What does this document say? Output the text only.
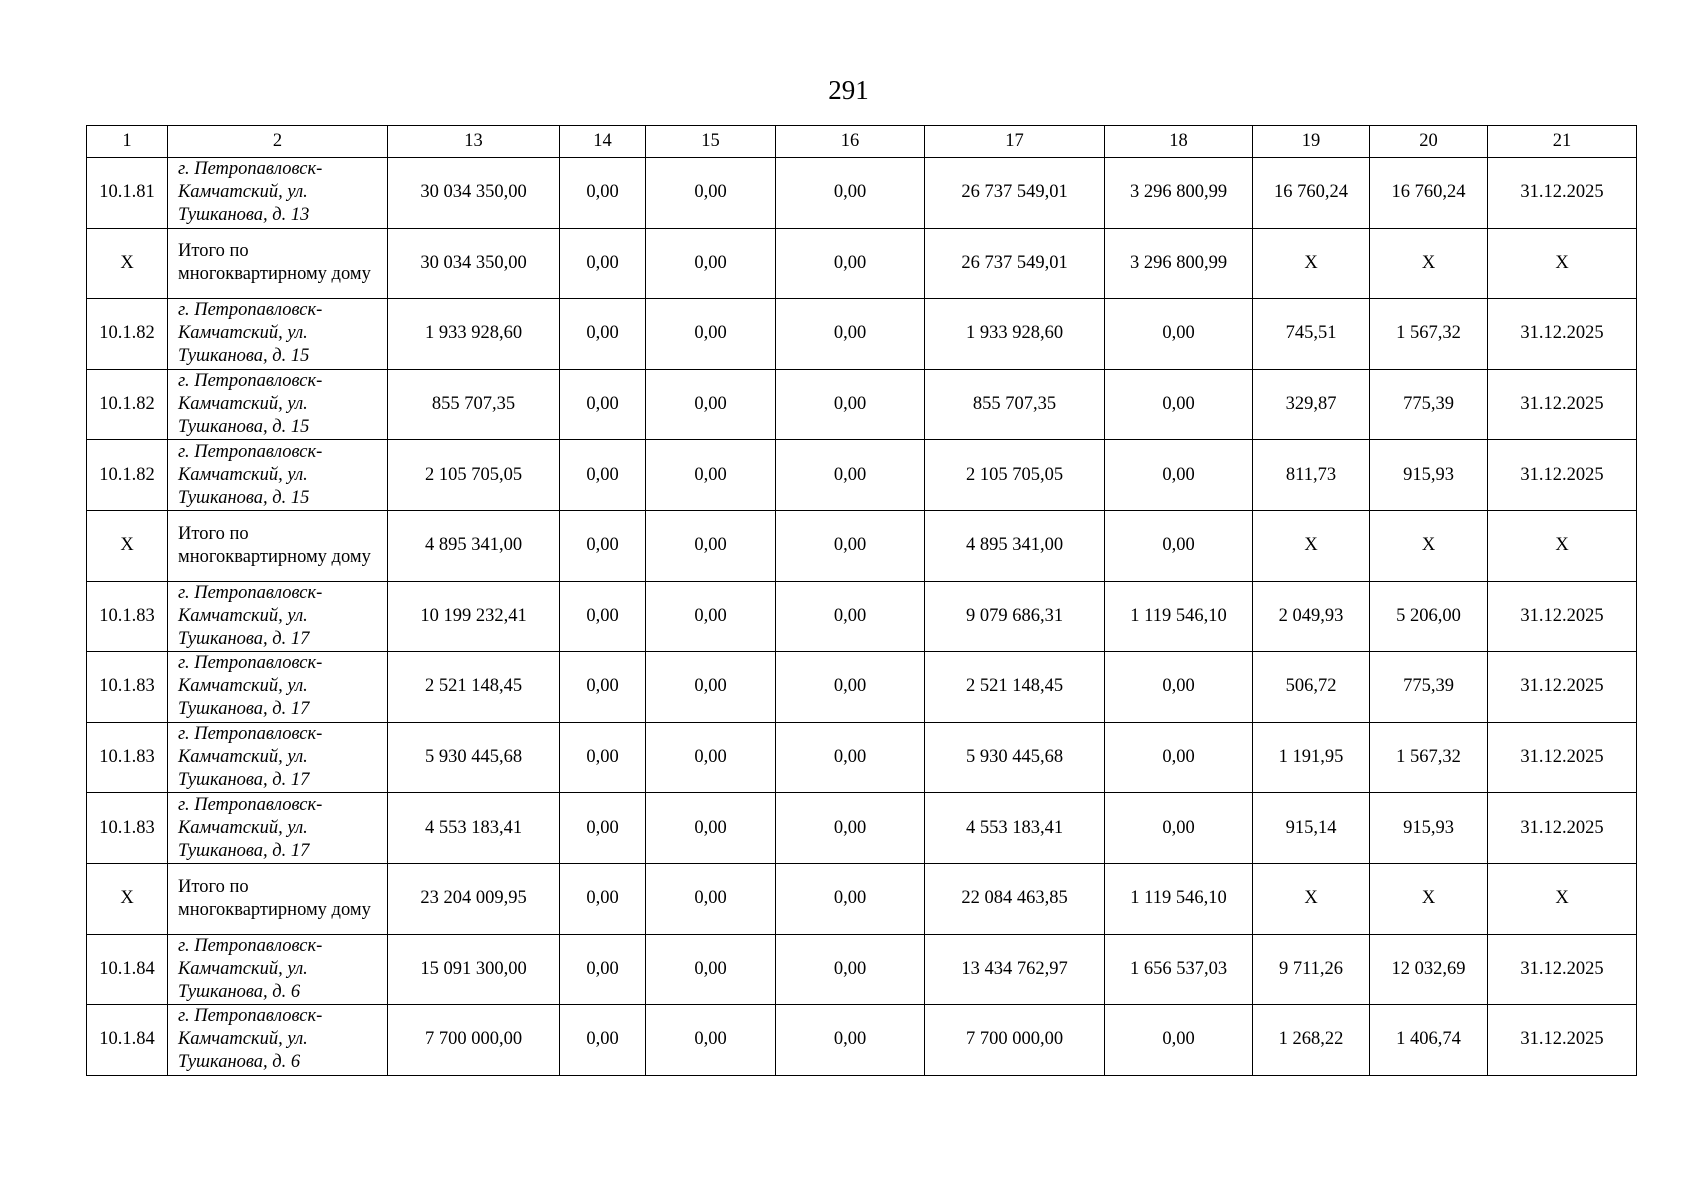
291
1	2	13	14	15	16	17	18	19	20	21
10.1.81	г. Петропавловск-Камчатский, ул. Тушканова, д. 13	30 034 350,00	0,00	0,00	0,00	26 737 549,01	3 296 800,99	16 760,24	16 760,24	31.12.2025
X	Итого по многоквартирному дому	30 034 350,00	0,00	0,00	0,00	26 737 549,01	3 296 800,99	X	X	X
10.1.82	г. Петропавловск-Камчатский, ул. Тушканова, д. 15	1 933 928,60	0,00	0,00	0,00	1 933 928,60	0,00	745,51	1 567,32	31.12.2025
10.1.82	г. Петропавловск-Камчатский, ул. Тушканова, д. 15	855 707,35	0,00	0,00	0,00	855 707,35	0,00	329,87	775,39	31.12.2025
10.1.82	г. Петропавловск-Камчатский, ул. Тушканова, д. 15	2 105 705,05	0,00	0,00	0,00	2 105 705,05	0,00	811,73	915,93	31.12.2025
X	Итого по многоквартирному дому	4 895 341,00	0,00	0,00	0,00	4 895 341,00	0,00	X	X	X
10.1.83	г. Петропавловск-Камчатский, ул. Тушканова, д. 17	10 199 232,41	0,00	0,00	0,00	9 079 686,31	1 119 546,10	2 049,93	5 206,00	31.12.2025
10.1.83	г. Петропавловск-Камчатский, ул. Тушканова, д. 17	2 521 148,45	0,00	0,00	0,00	2 521 148,45	0,00	506,72	775,39	31.12.2025
10.1.83	г. Петропавловск-Камчатский, ул. Тушканова, д. 17	5 930 445,68	0,00	0,00	0,00	5 930 445,68	0,00	1 191,95	1 567,32	31.12.2025
10.1.83	г. Петропавловск-Камчатский, ул. Тушканова, д. 17	4 553 183,41	0,00	0,00	0,00	4 553 183,41	0,00	915,14	915,93	31.12.2025
X	Итого по многоквартирному дому	23 204 009,95	0,00	0,00	0,00	22 084 463,85	1 119 546,10	X	X	X
10.1.84	г. Петропавловск-Камчатский, ул. Тушканова, д. 6	15 091 300,00	0,00	0,00	0,00	13 434 762,97	1 656 537,03	9 711,26	12 032,69	31.12.2025
10.1.84	г. Петропавловск-Камчатский, ул. Тушканова, д. 6	7 700 000,00	0,00	0,00	0,00	7 700 000,00	0,00	1 268,22	1 406,74	31.12.2025
